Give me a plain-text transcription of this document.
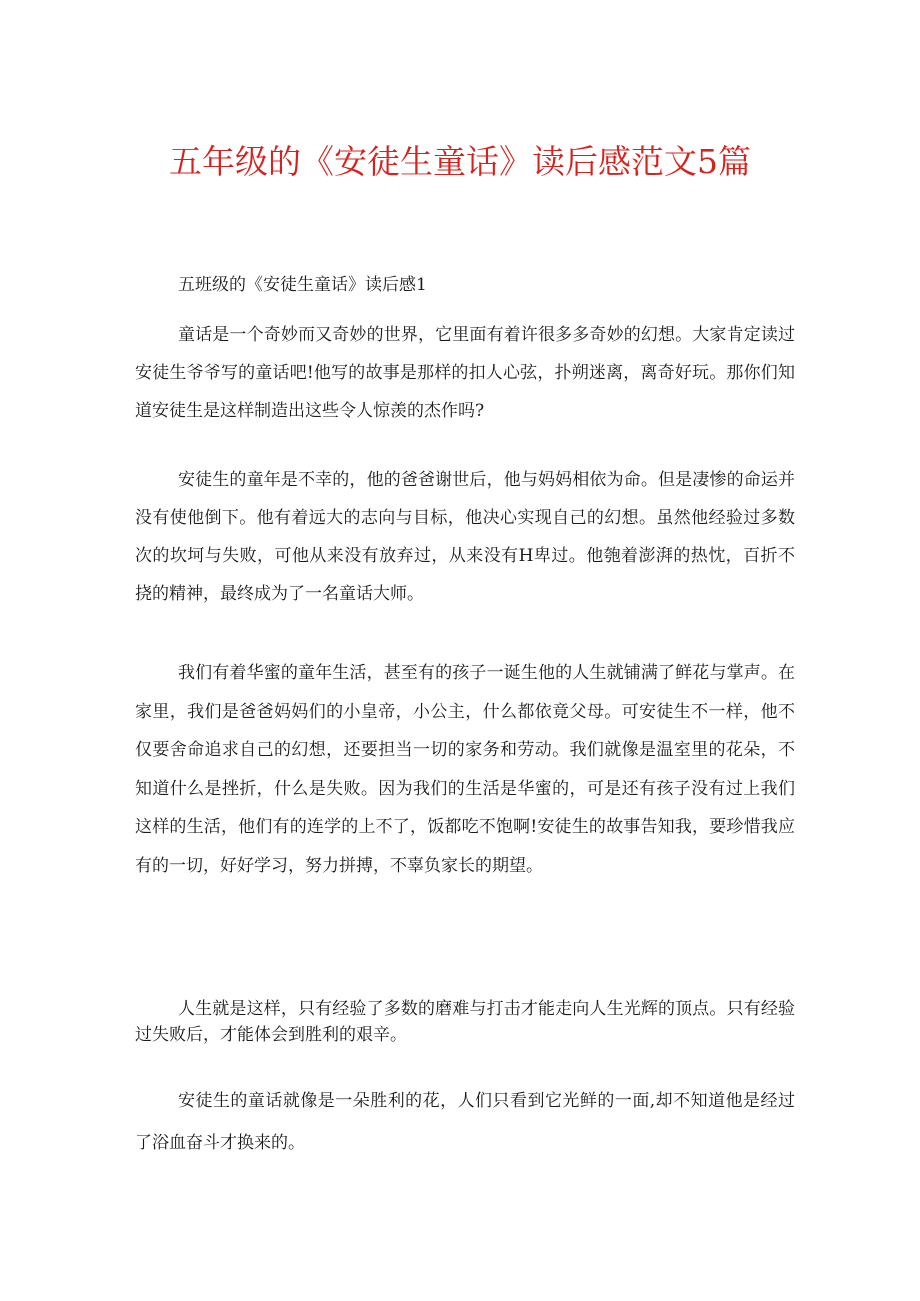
五年级的《安徒生童话》读后感范文5篇

五班级的《安徒生童话》读后感1

童话是一个奇妙而又奇妙的世界，它里面有着许很多多奇妙的幻想。大家肯定读过安徒生爷爷写的童话吧!他写的故事是那样的扣人心弦，扑朔迷离，离奇好玩。那你们知道安徒生是这样制造出这些令人惊羡的杰作吗?

安徒生的童年是不幸的，他的爸爸谢世后，他与妈妈相依为命。但是凄惨的命运并没有使他倒下。他有着远大的志向与目标，他决心实现自己的幻想。虽然他经验过多数次的坎坷与失败，可他从来没有放弃过，从来没有H卑过。他匏着澎湃的热忱，百折不挠的精神，最终成为了一名童话大师。

我们有着华蜜的童年生活，甚至有的孩子一诞生他的人生就铺满了鲜花与掌声。在家里，我们是爸爸妈妈们的小皇帝，小公主，什么都依竟父母。可安徒生不一样，他不仅要舍命追求自己的幻想，还要担当一切的家务和劳动。我们就像是温室里的花朵，不知道什么是挫折，什么是失败。因为我们的生活是华蜜的，可是还有孩子没有过上我们这样的生活，他们有的连学的上不了，饭都吃不饱啊!安徒生的故事告知我，要珍惜我应有的一切，好好学习，努力拼搏，不辜负家长的期望。

人生就是这样，只有经验了多数的磨难与打击才能走向人生光辉的顶点。只有经验过失败后，才能体会到胜利的艰辛。

安徒生的童话就像是一朵胜利的花，人们只看到它光鲜的一面,却不知道他是经过了浴血奋斗才换来的。
